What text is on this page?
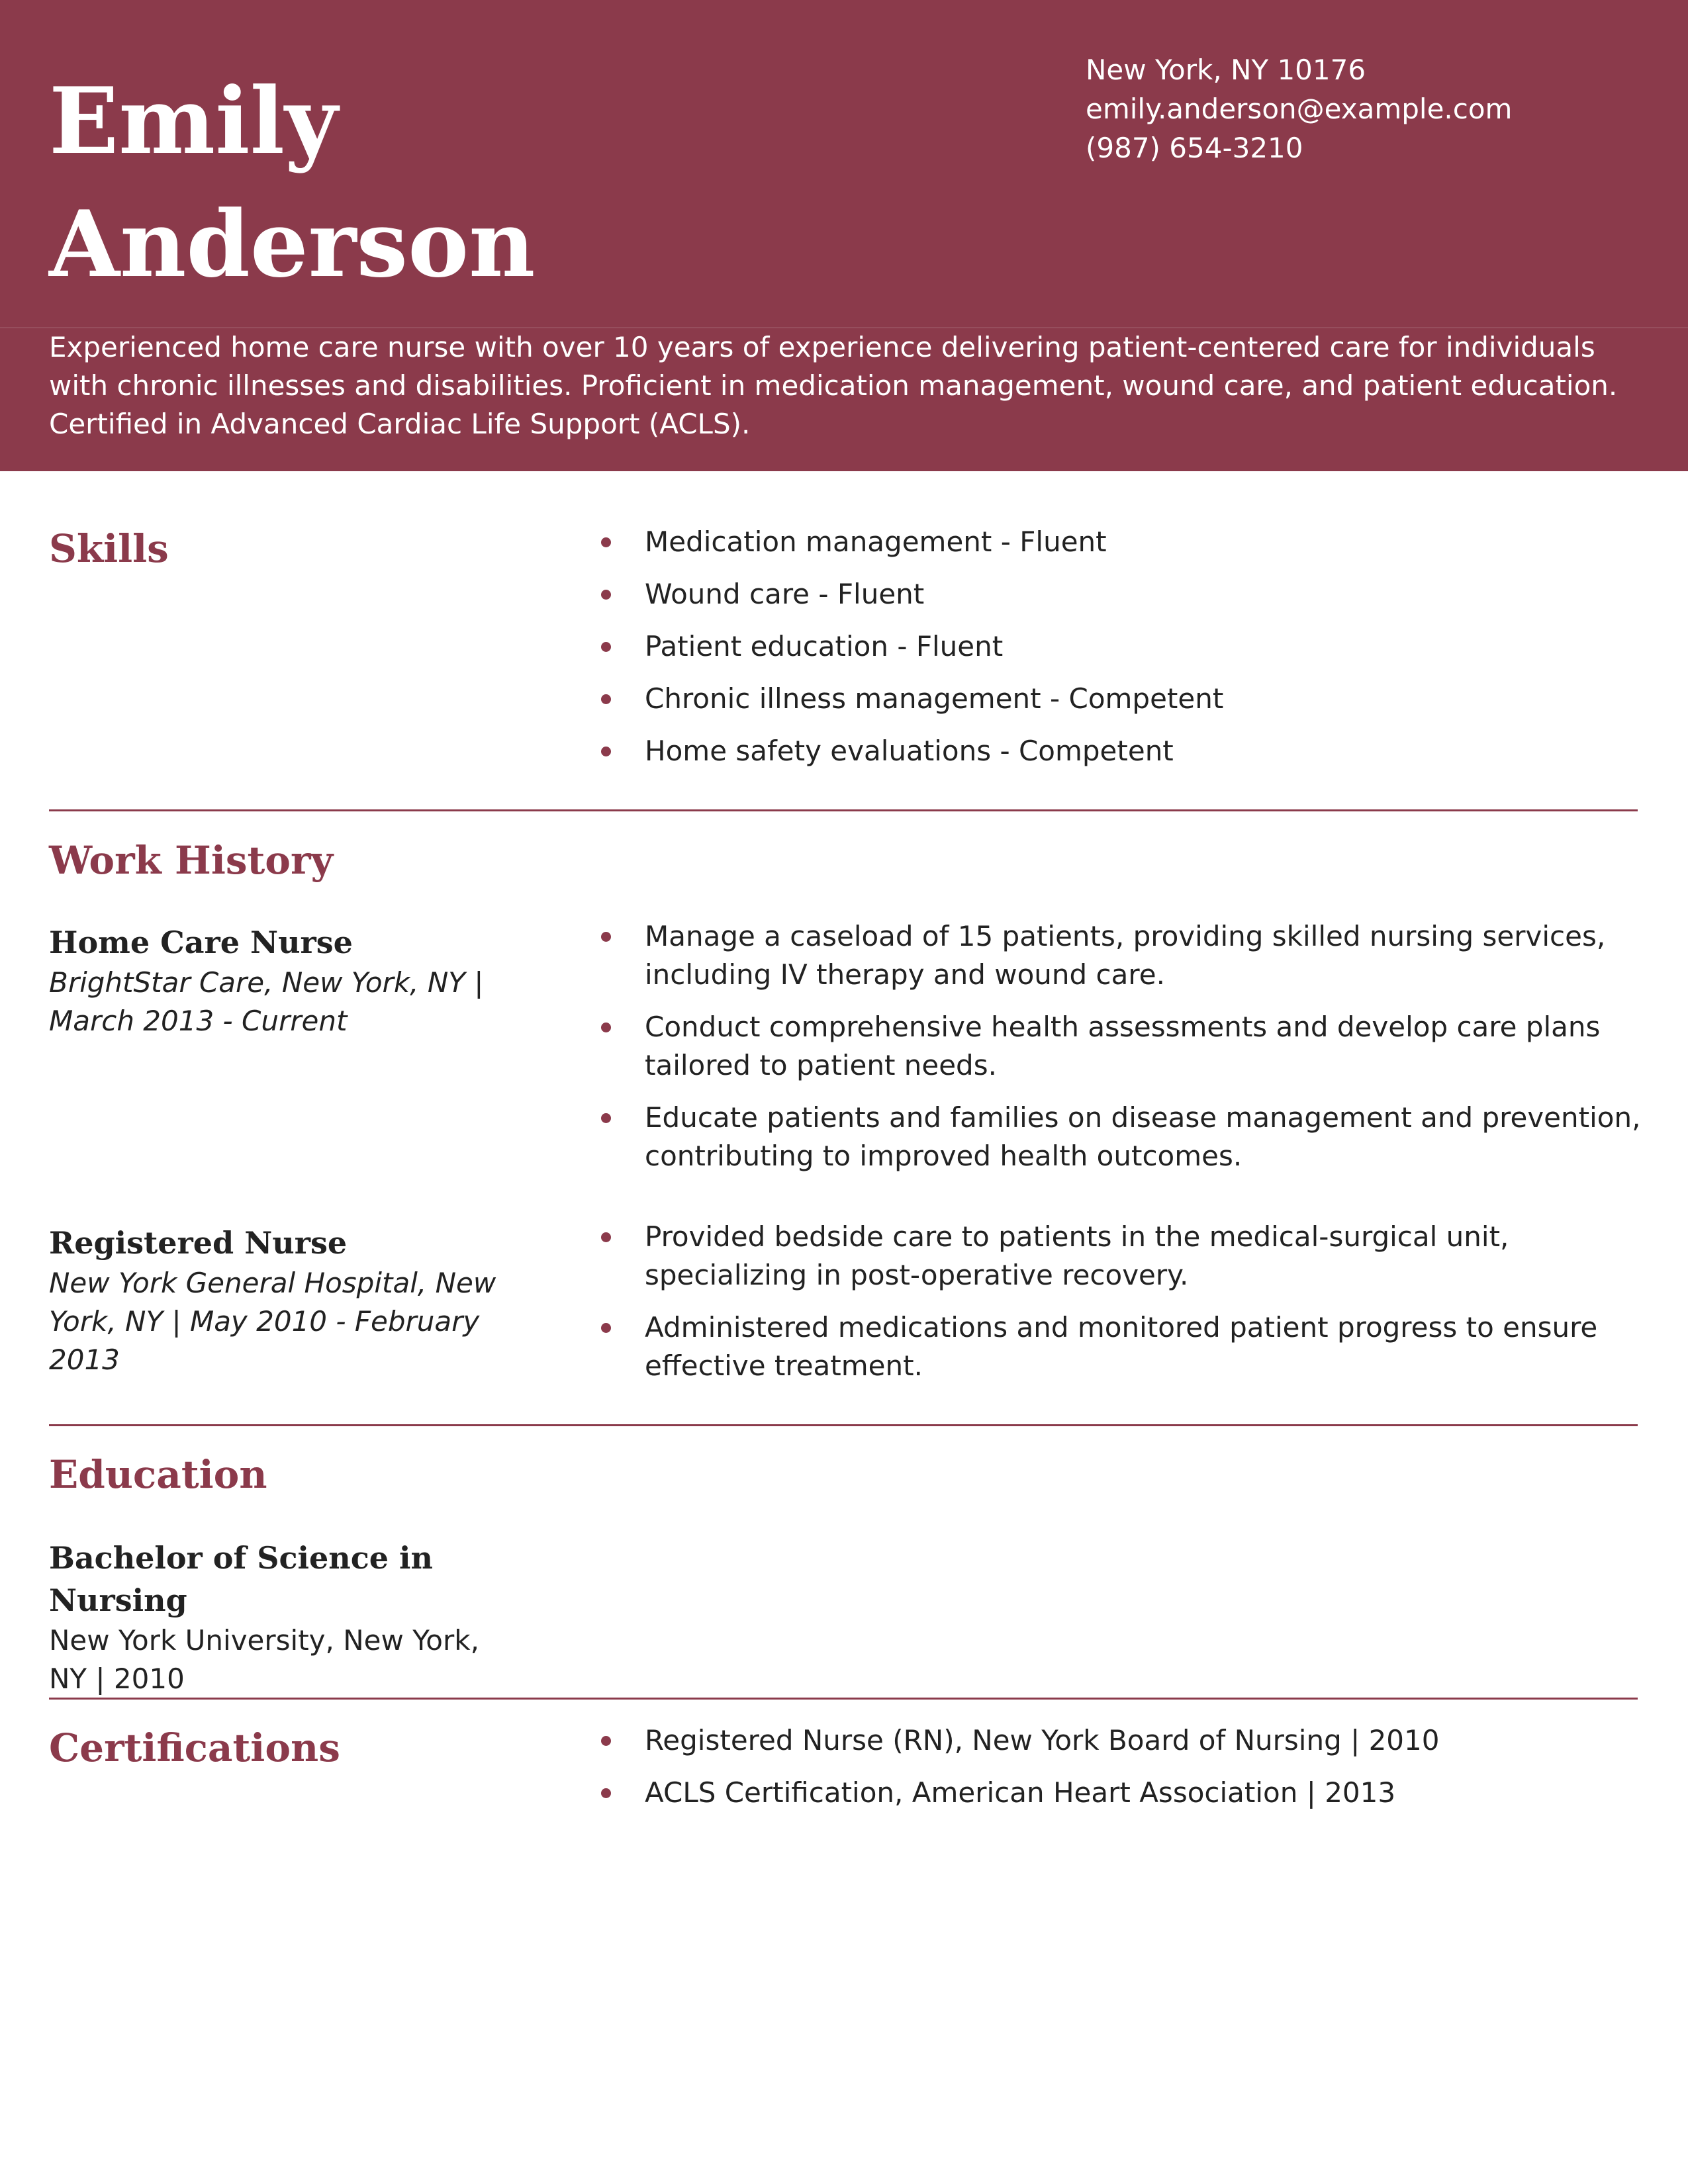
Emily
Anderson
New York, NY 10176
emily.anderson@example.com
(987) 654-3210

Experienced home care nurse with over 10 years of experience delivering patient-centered care for individuals with chronic illnesses and disabilities. Proficient in medication management, wound care, and patient education. Certified in Advanced Cardiac Life Support (ACLS).

Skills	Medication management - Fluent
Wound care - Fluent
Patient education - Fluent
Chronic illness management - Competent
Home safety evaluations - Competent
Work History

Home Care Nurse

BrightStar Care, New York, NY | March 2013 - Current

Manage a caseload of 15 patients, providing skilled nursing services, including IV therapy and wound care.
Conduct comprehensive health assessments and develop care plans tailored to patient needs.
Educate patients and families on disease management and prevention, contributing to improved health outcomes.

Registered Nurse

New York General Hospital, New York, NY | May 2010 - February 2013

Provided bedside care to patients in the medical-surgical unit, specializing in post-operative recovery.
Administered medications and monitored patient progress to ensure effective treatment.
Education

Bachelor of Science in Nursing

New York University, New York, NY | 2010

Certifications	Registered Nurse (RN), New York Board of Nursing | 2010
ACLS Certification, American Heart Association | 2013
